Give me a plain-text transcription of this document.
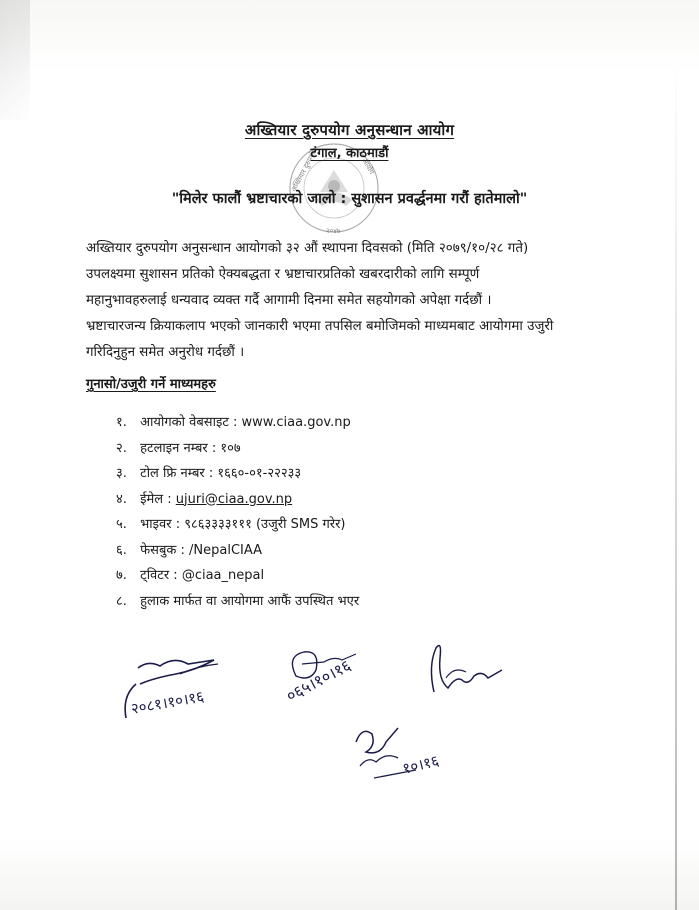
अख्तियार दुरुपयोग अनुसन्धान आयोग
अख्तियार दुरुपयोग	आयोग
२०४७
टंगाल, काठमाडौं
"मिलेर फालौं भ्रष्टाचारको जालो : सुशासन प्रवर्द्धनमा गरौं हातेमालो"
अख्तियार दुरुपयोग अनुसन्धान आयोगको ३२ औं स्थापना दिवसको (मिति २०७९/१०/२८ गते)
उपलक्ष्यमा सुशासन प्रतिको ऐक्यबद्धता र भ्रष्टाचारप्रतिको खबरदारीको लागि सम्पूर्ण
महानुभावहरुलाई धन्यवाद व्यक्त गर्दै आगामी दिनमा समेत सहयोगको अपेक्षा गर्दछौं ।
भ्रष्टाचारजन्य क्रियाकलाप भएको जानकारी भएमा तपसिल बमोजिमको माध्यमबाट आयोगमा उजुरी
गरिदिनुहुन समेत अनुरोध गर्दछौं ।
गुनासो/उजुरी गर्ने माध्यमहरु
१. आयोगको वेबसाइट : www.ciaa.gov.np
२. हटलाइन नम्बर : १०७
३. टोल फ्रि नम्बर : १६६०-०१-२२२३३
४. ईमेल : ujuri@ciaa.gov.np
५. भाइवर : ९८६३३३३१११ (उजुरी SMS गरेर)
६. फेसबुक : /NepalCIAA
७. ट्विटर : @ciaa_nepal
८. हुलाक मार्फत वा आयोगमा आफैं उपस्थित भएर
२०८१।१०।१६	०६५।१०।१६
१०।१६
